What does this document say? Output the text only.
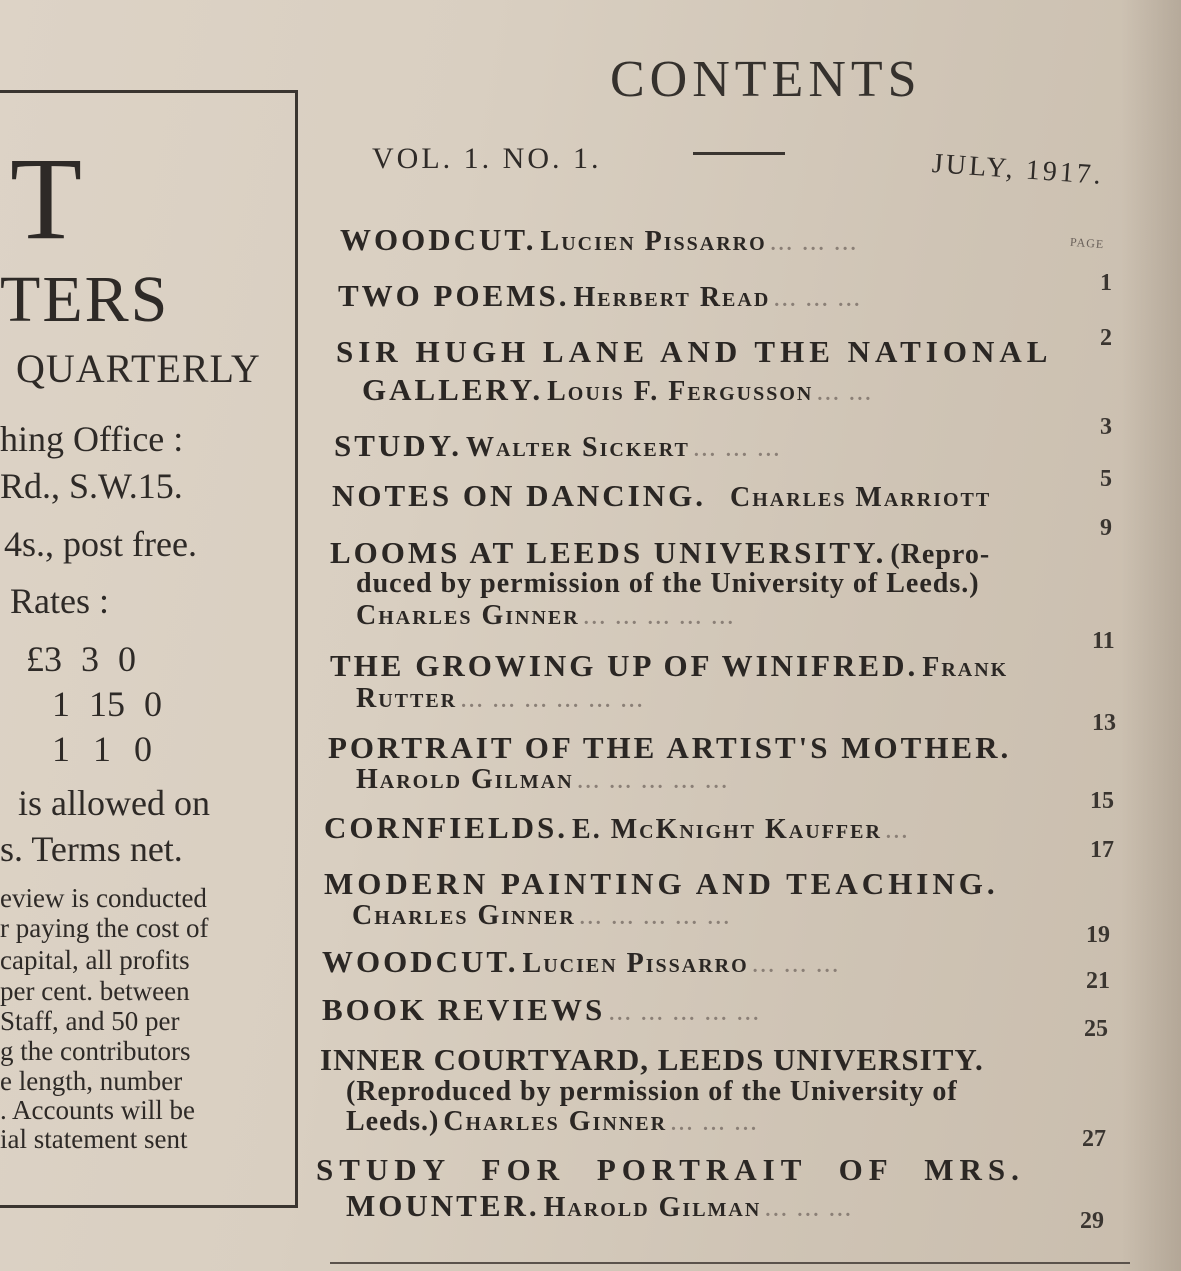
T
TERS
QUARTERLY
hing Office :
Rd., S.W.15.
4s., post free.
Rates :
£3 3 0
1 15 0
1 1 0
is allowed on
s. Terms net.
eview is conducted
r paying the cost of
capital, all profits
per cent. between
Staff, and 50 per
g the contributors
e length, number
. Accounts will be
ial statement sent
CONTENTS
VOL. 1. NO. 1.	JULY, 1917.
PAGE
WOODCUT. Lucien Pissarro ... ... ...
1
TWO POEMS. Herbert Read ... ... ...
2
SIR HUGH LANE AND THE NATIONAL
GALLERY. Louis F. Fergusson ... ...
3
STUDY. Walter Sickert ... ... ...
5
NOTES ON DANCING. Charles Marriott
9
LOOMS AT LEEDS UNIVERSITY. (Repro-
duced by permission of the University of Leeds.)
Charles Ginner ... ... ... ... ...
11
THE GROWING UP OF WINIFRED. Frank
Rutter ... ... ... ... ... ...
13
PORTRAIT OF THE ARTIST'S MOTHER.
Harold Gilman ... ... ... ... ...
15
CORNFIELDS. E. McKnight Kauffer ...
17
MODERN PAINTING AND TEACHING.
Charles Ginner ... ... ... ... ...
19
WOODCUT. Lucien Pissarro ... ... ...
21
BOOK REVIEWS ... ... ... ... ...
25
INNER COURTYARD, LEEDS UNIVERSITY.
(Reproduced by permission of the University of
Leeds.) Charles Ginner ... ... ...
27
STUDY FOR PORTRAIT OF MRS.
MOUNTER. Harold Gilman ... ... ...	29
